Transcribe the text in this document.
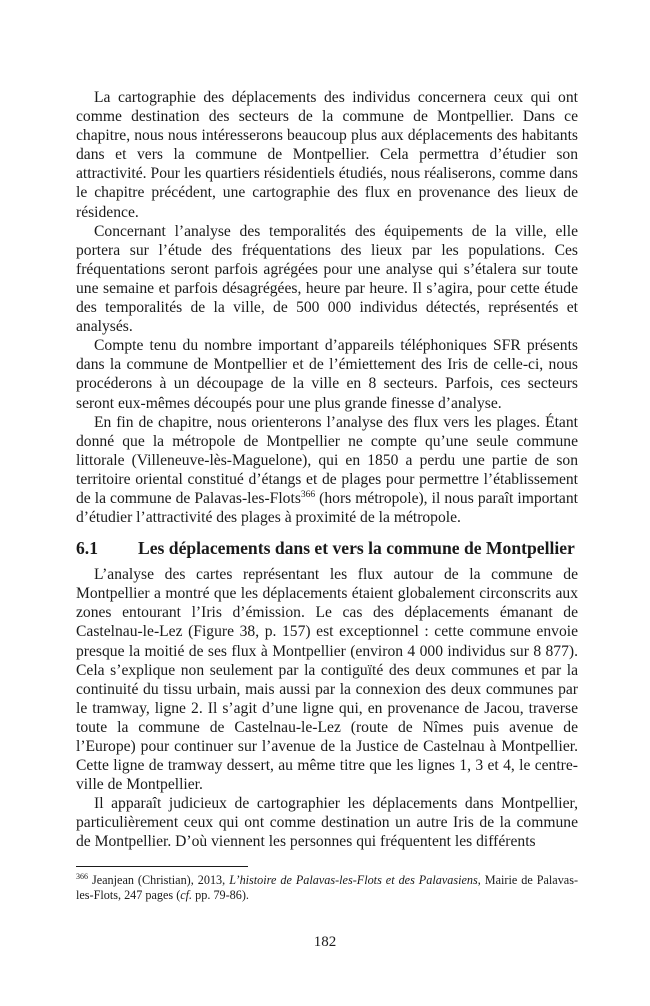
La cartographie des déplacements des individus concernera ceux qui ont comme destination des secteurs de la commune de Montpellier. Dans ce chapitre, nous nous intéresserons beaucoup plus aux déplacements des habitants dans et vers la commune de Montpellier. Cela permettra d’étudier son attractivité. Pour les quartiers résidentiels étudiés, nous réaliserons, comme dans le chapitre précédent, une cartographie des flux en provenance des lieux de résidence.

Concernant l’analyse des temporalités des équipements de la ville, elle portera sur l’étude des fréquentations des lieux par les populations. Ces fréquentations seront parfois agrégées pour une analyse qui s’étalera sur toute une semaine et parfois désagrégées, heure par heure. Il s’agira, pour cette étude des temporalités de la ville, de 500 000 individus détectés, représentés et analysés.

Compte tenu du nombre important d’appareils téléphoniques SFR présents dans la commune de Montpellier et de l’émiettement des Iris de celle-ci, nous procéderons à un découpage de la ville en 8 secteurs. Parfois, ces secteurs seront eux-mêmes découpés pour une plus grande finesse d’analyse.

En fin de chapitre, nous orienterons l’analyse des flux vers les plages. Étant donné que la métropole de Montpellier ne compte qu’une seule commune littorale (Villeneuve-lès-Maguelone), qui en 1850 a perdu une partie de son territoire oriental constitué d’étangs et de plages pour permettre l’établissement de la commune de Palavas-les-Flots$^{366}$ (hors métropole), il nous paraît important d’étudier l’attractivité des plages à proximité de la métropole.

6.1	Les déplacements dans et vers la commune de Montpellier

L’analyse des cartes représentant les flux autour de la commune de Montpellier a montré que les déplacements étaient globalement circonscrits aux zones entourant l’Iris d’émission. Le cas des déplacements émanant de Castelnau-le-Lez (Figure 38, p. 157) est exceptionnel : cette commune envoie presque la moitié de ses flux à Montpellier (environ 4 000 individus sur 8 877). Cela s’explique non seulement par la contiguïté des deux communes et par la continuité du tissu urbain, mais aussi par la connexion des deux communes par le tramway, ligne 2. Il s’agit d’une ligne qui, en provenance de Jacou, traverse toute la commune de Castelnau-le-Lez (route de Nîmes puis avenue de l’Europe) pour continuer sur l’avenue de la Justice de Castelnau à Montpellier. Cette ligne de tramway dessert, au même titre que les lignes 1, 3 et 4, le centre-ville de Montpellier.

Il apparaît judicieux de cartographier les déplacements dans Montpellier, particulièrement ceux qui ont comme destination un autre Iris de la commune de Montpellier. D’où viennent les personnes qui fréquentent les différents

$^{366}$ Jeanjean (Christian), 2013, L’histoire de Palavas-les-Flots et des Palavasiens, Mairie de Palavas-les-Flots, 247 pages (cf. pp. 79-86).

182
